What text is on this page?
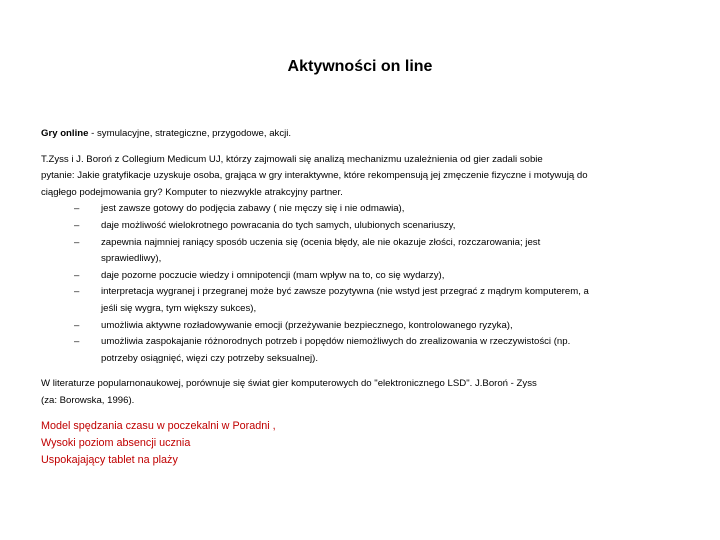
Aktywności on line
Gry online - symulacyjne, strategiczne, przygodowe, akcji.
T.Zyss i J. Boroń z Collegium Medicum UJ, którzy zajmowali się analizą mechanizmu uzależnienia od gier zadali sobie
pytanie: Jakie gratyfikacje uzyskuje osoba, grająca w gry interaktywne, które rekompensują jej zmęczenie fizyczne i motywują do
ciągłego podejmowania gry? Komputer to niezwykle atrakcyjny partner.
– jest zawsze gotowy do podjęcia zabawy ( nie męczy się i nie odmawia),
– daje możliwość wielokrotnego powracania do tych samych, ulubionych scenariuszy,
– zapewnia najmniej raniący sposób uczenia się (ocenia błędy, ale nie okazuje złości, rozczarowania; jest
sprawiedliwy),
– daje pozorne poczucie wiedzy i omnipotencji (mam wpływ na to, co się wydarzy),
– interpretacja wygranej i przegranej może być zawsze pozytywna (nie wstyd jest przegrać z mądrym komputerem, a
jeśli się wygra, tym większy sukces),
– umożliwia aktywne rozładowywanie emocji (przeżywanie bezpiecznego, kontrolowanego ryzyka),
– umożliwia zaspokajanie różnorodnych potrzeb i popędów niemożliwych do zrealizowania w rzeczywistości (np.
potrzeby osiągnięć, więzi czy potrzeby seksualnej).
W literaturze popularnonaukowej, porównuje się świat gier komputerowych do "elektronicznego LSD". J.Boroń - Zyss
(za: Borowska, 1996).
Model spędzania czasu w poczekalni w Poradni ,
Wysoki poziom absencji ucznia
Uspokajający tablet na plaży
